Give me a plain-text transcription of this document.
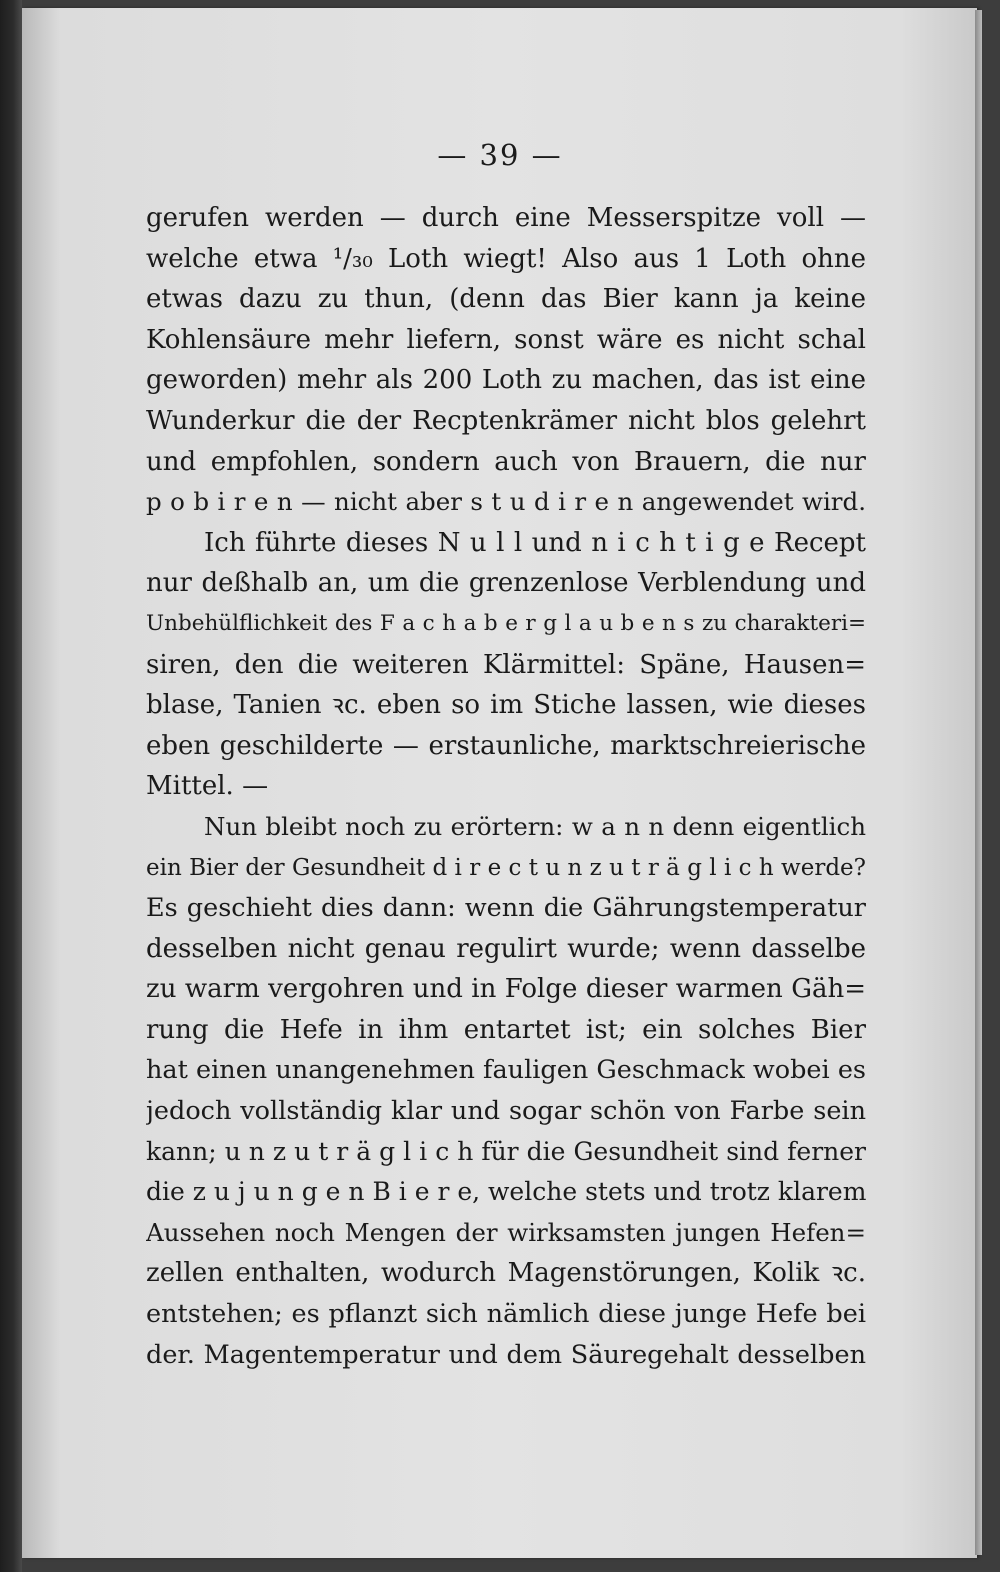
— 39 —
gerufen werden — durch eine Messerspitze voll —
welche etwa ¹/₃₀ Loth wiegt! Also aus 1 Loth ohne
etwas dazu zu thun, (denn das Bier kann ja keine
Kohlensäure mehr liefern, sonst wäre es nicht schal
geworden) mehr als 200 Loth zu machen, das ist eine
Wunderkur die der Recptenkrämer nicht blos gelehrt
und empfohlen, sondern auch von Brauern, die nur
p o b i r e n — nicht aber s t u d i r e n angewendet wird.
Ich führte dieses N u l l und n i c h t i g e Recept
nur deßhalb an, um die grenzenlose Verblendung und
Unbehülflichkeit des F a c h a b e r g l a u b e n s zu charakteri=
siren, den die weiteren Klärmittel: Späne, Hausen=
blase, Tanien ꝛc. eben so im Stiche lassen, wie dieses
eben geschilderte — erstaunliche, marktschreierische
Mittel. —
Nun bleibt noch zu erörtern: w a n n denn eigentlich
ein Bier der Gesundheit d i r e c t u n z u t r ä g l i c h werde?
Es geschieht dies dann: wenn die Gährungstemperatur
desselben nicht genau regulirt wurde; wenn dasselbe
zu warm vergohren und in Folge dieser warmen Gäh=
rung die Hefe in ihm entartet ist; ein solches Bier
hat einen unangenehmen fauligen Geschmack wobei es
jedoch vollständig klar und sogar schön von Farbe sein
kann; u n z u t r ä g l i c h für die Gesundheit sind ferner
die z u j u n g e n B i e r e, welche stets und trotz klarem
Aussehen noch Mengen der wirksamsten jungen Hefen=
zellen enthalten, wodurch Magenstörungen, Kolik ꝛc.
entstehen; es pflanzt sich nämlich diese junge Hefe bei
der. Magentemperatur und dem Säuregehalt desselben
